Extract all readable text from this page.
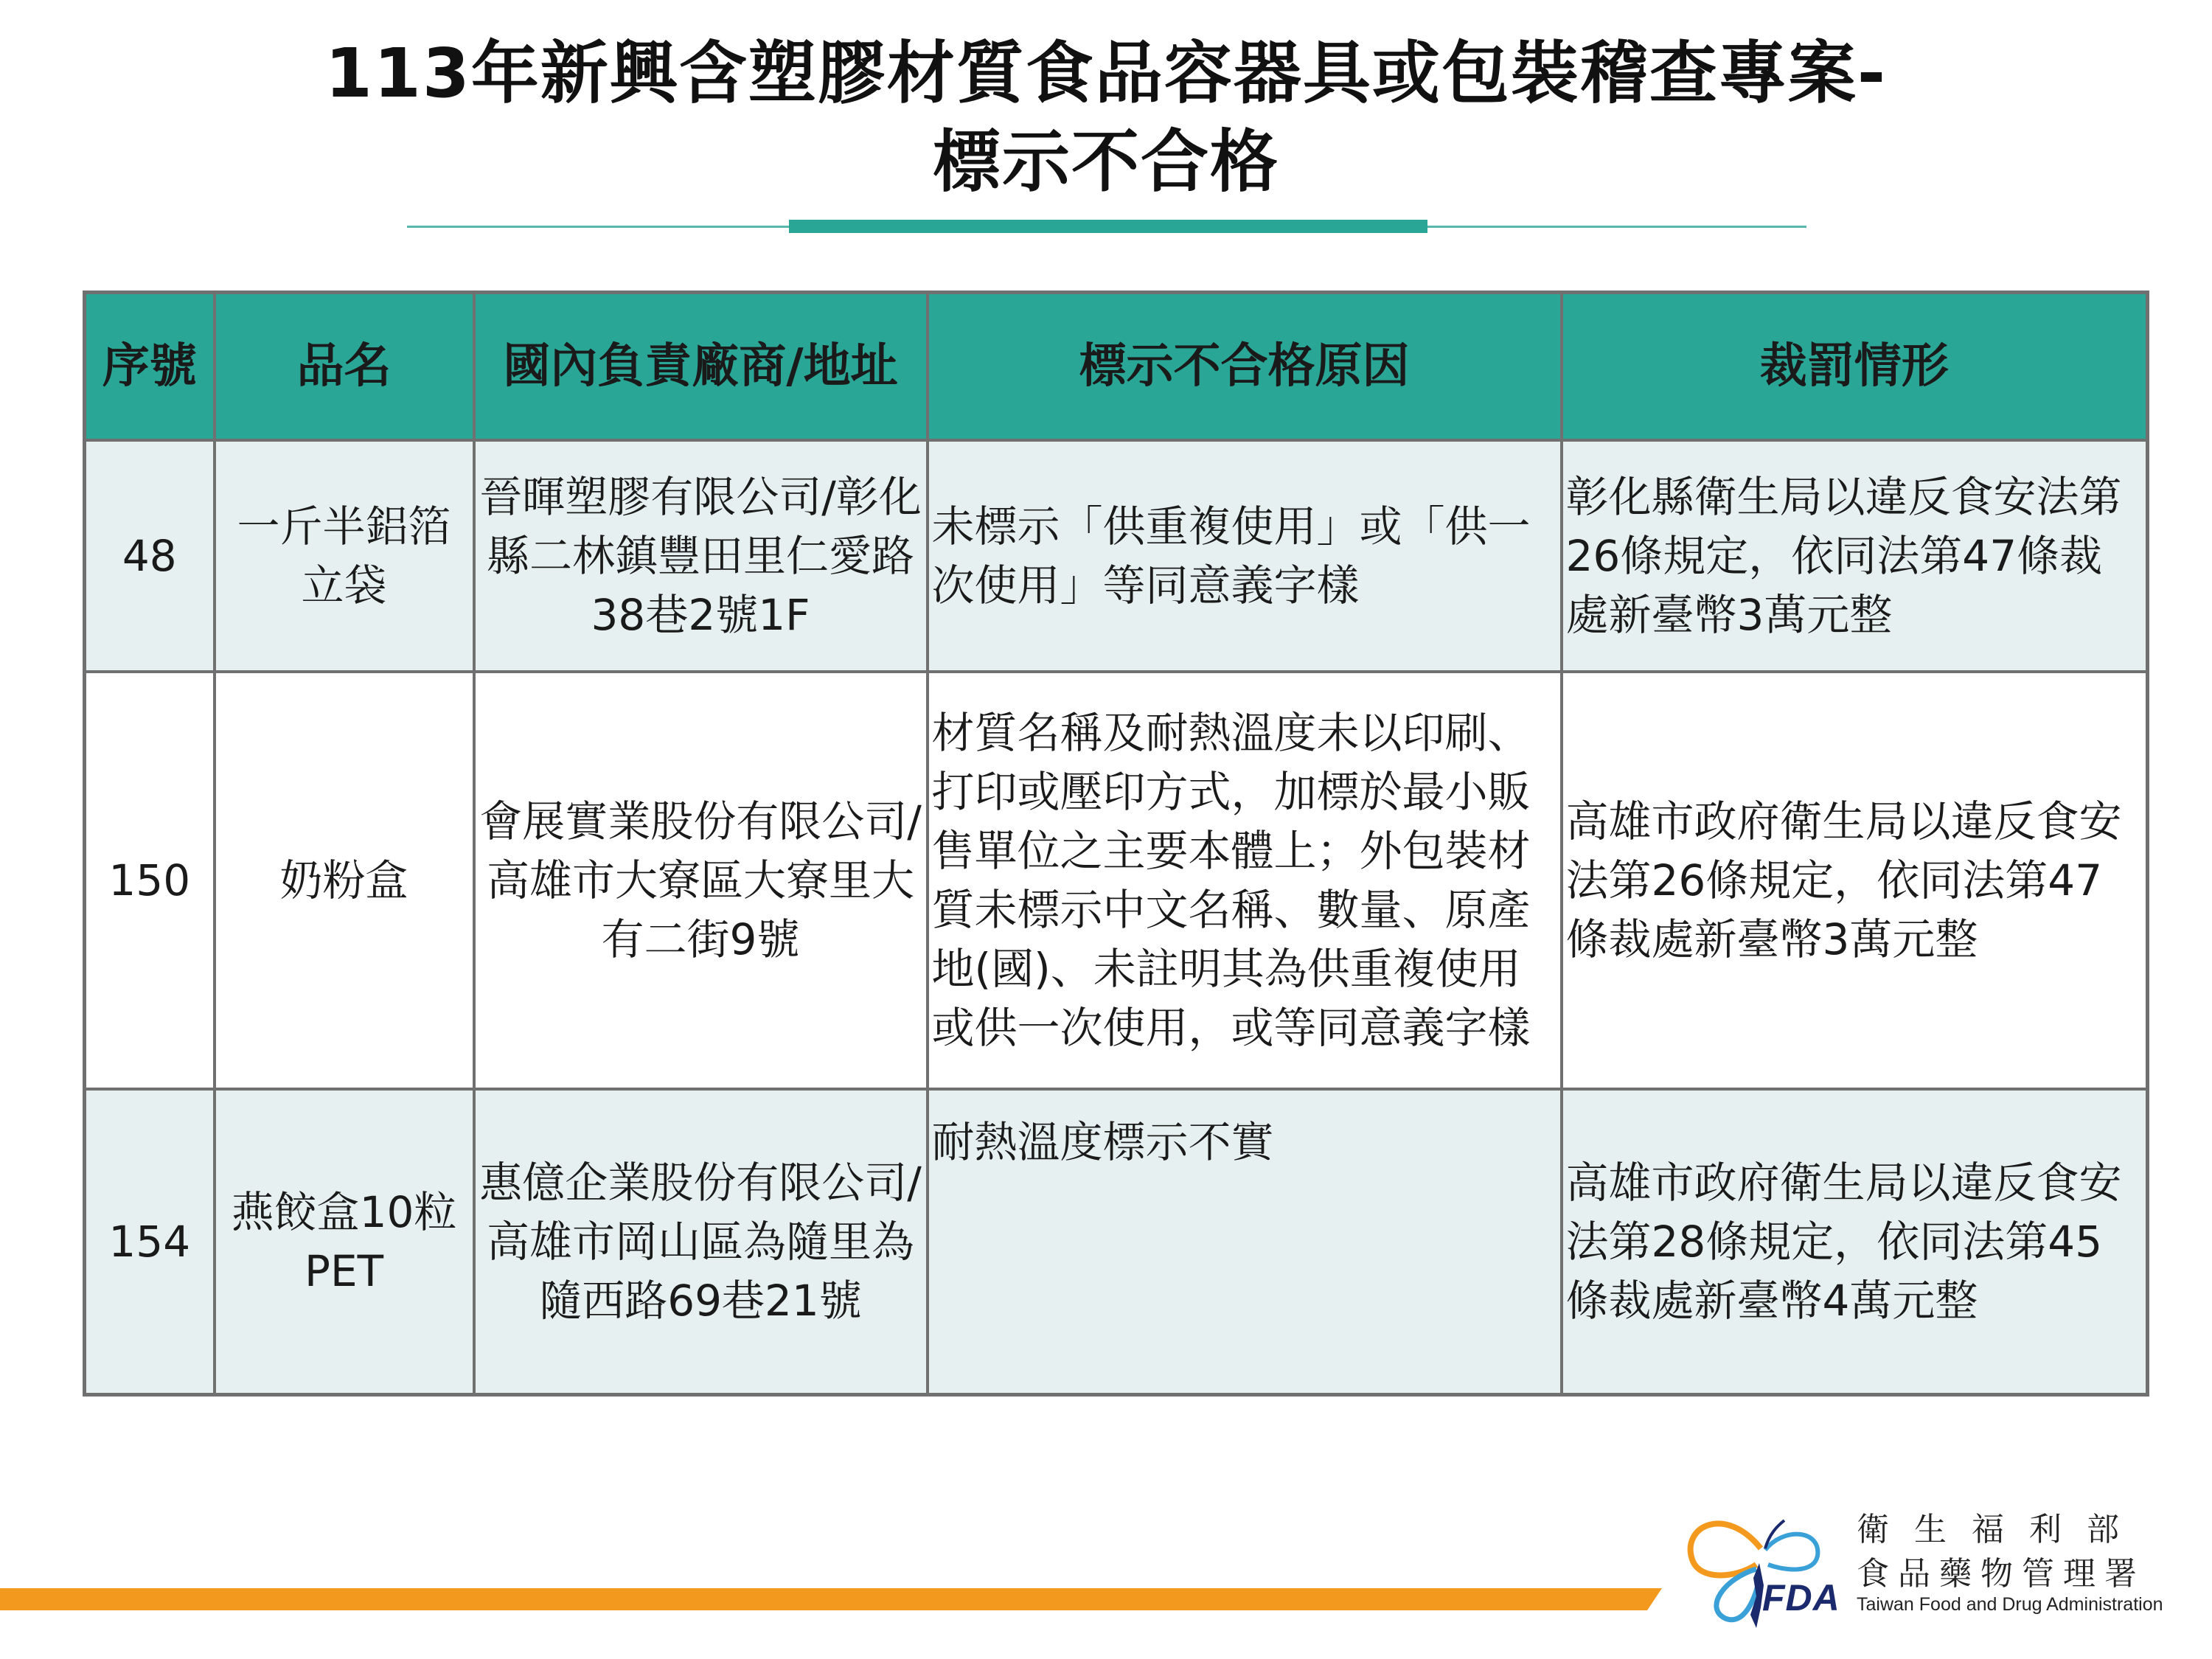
113年新興含塑膠材質食品容器具或包裝稽查專案-
標示不合格
序號	品名	國內負責廠商/地址	標示不合格原因	裁罰情形
48	一斤半鋁箔立袋	晉暉塑膠有限公司/彰化縣二林鎮豐田里仁愛路38巷2號1F	未標示「供重複使用」或「供一次使用」等同意義字樣	彰化縣衛生局以違反食安法第26條規定，依同法第47條裁處新臺幣3萬元整
150	奶粉盒	會展實業股份有限公司/高雄市大寮區大寮里大有二街9號	材質名稱及耐熱溫度未以印刷、打印或壓印方式，加標於最小販售單位之主要本體上；外包裝材質未標示中文名稱、數量、原產地(國)、未註明其為供重複使用或供一次使用，或等同意義字樣	高雄市政府衛生局以違反食安法第26條規定，依同法第47條裁處新臺幣3萬元整
154	燕餃盒10粒PET	惠億企業股份有限公司/高雄市岡山區為隨里為隨西路69巷21號	耐熱溫度標示不實	高雄市政府衛生局以違反食安法第28條規定，依同法第45條裁處新臺幣4萬元整
FDA
衛生福利部
食品藥物管理署
Taiwan Food and Drug Administration
